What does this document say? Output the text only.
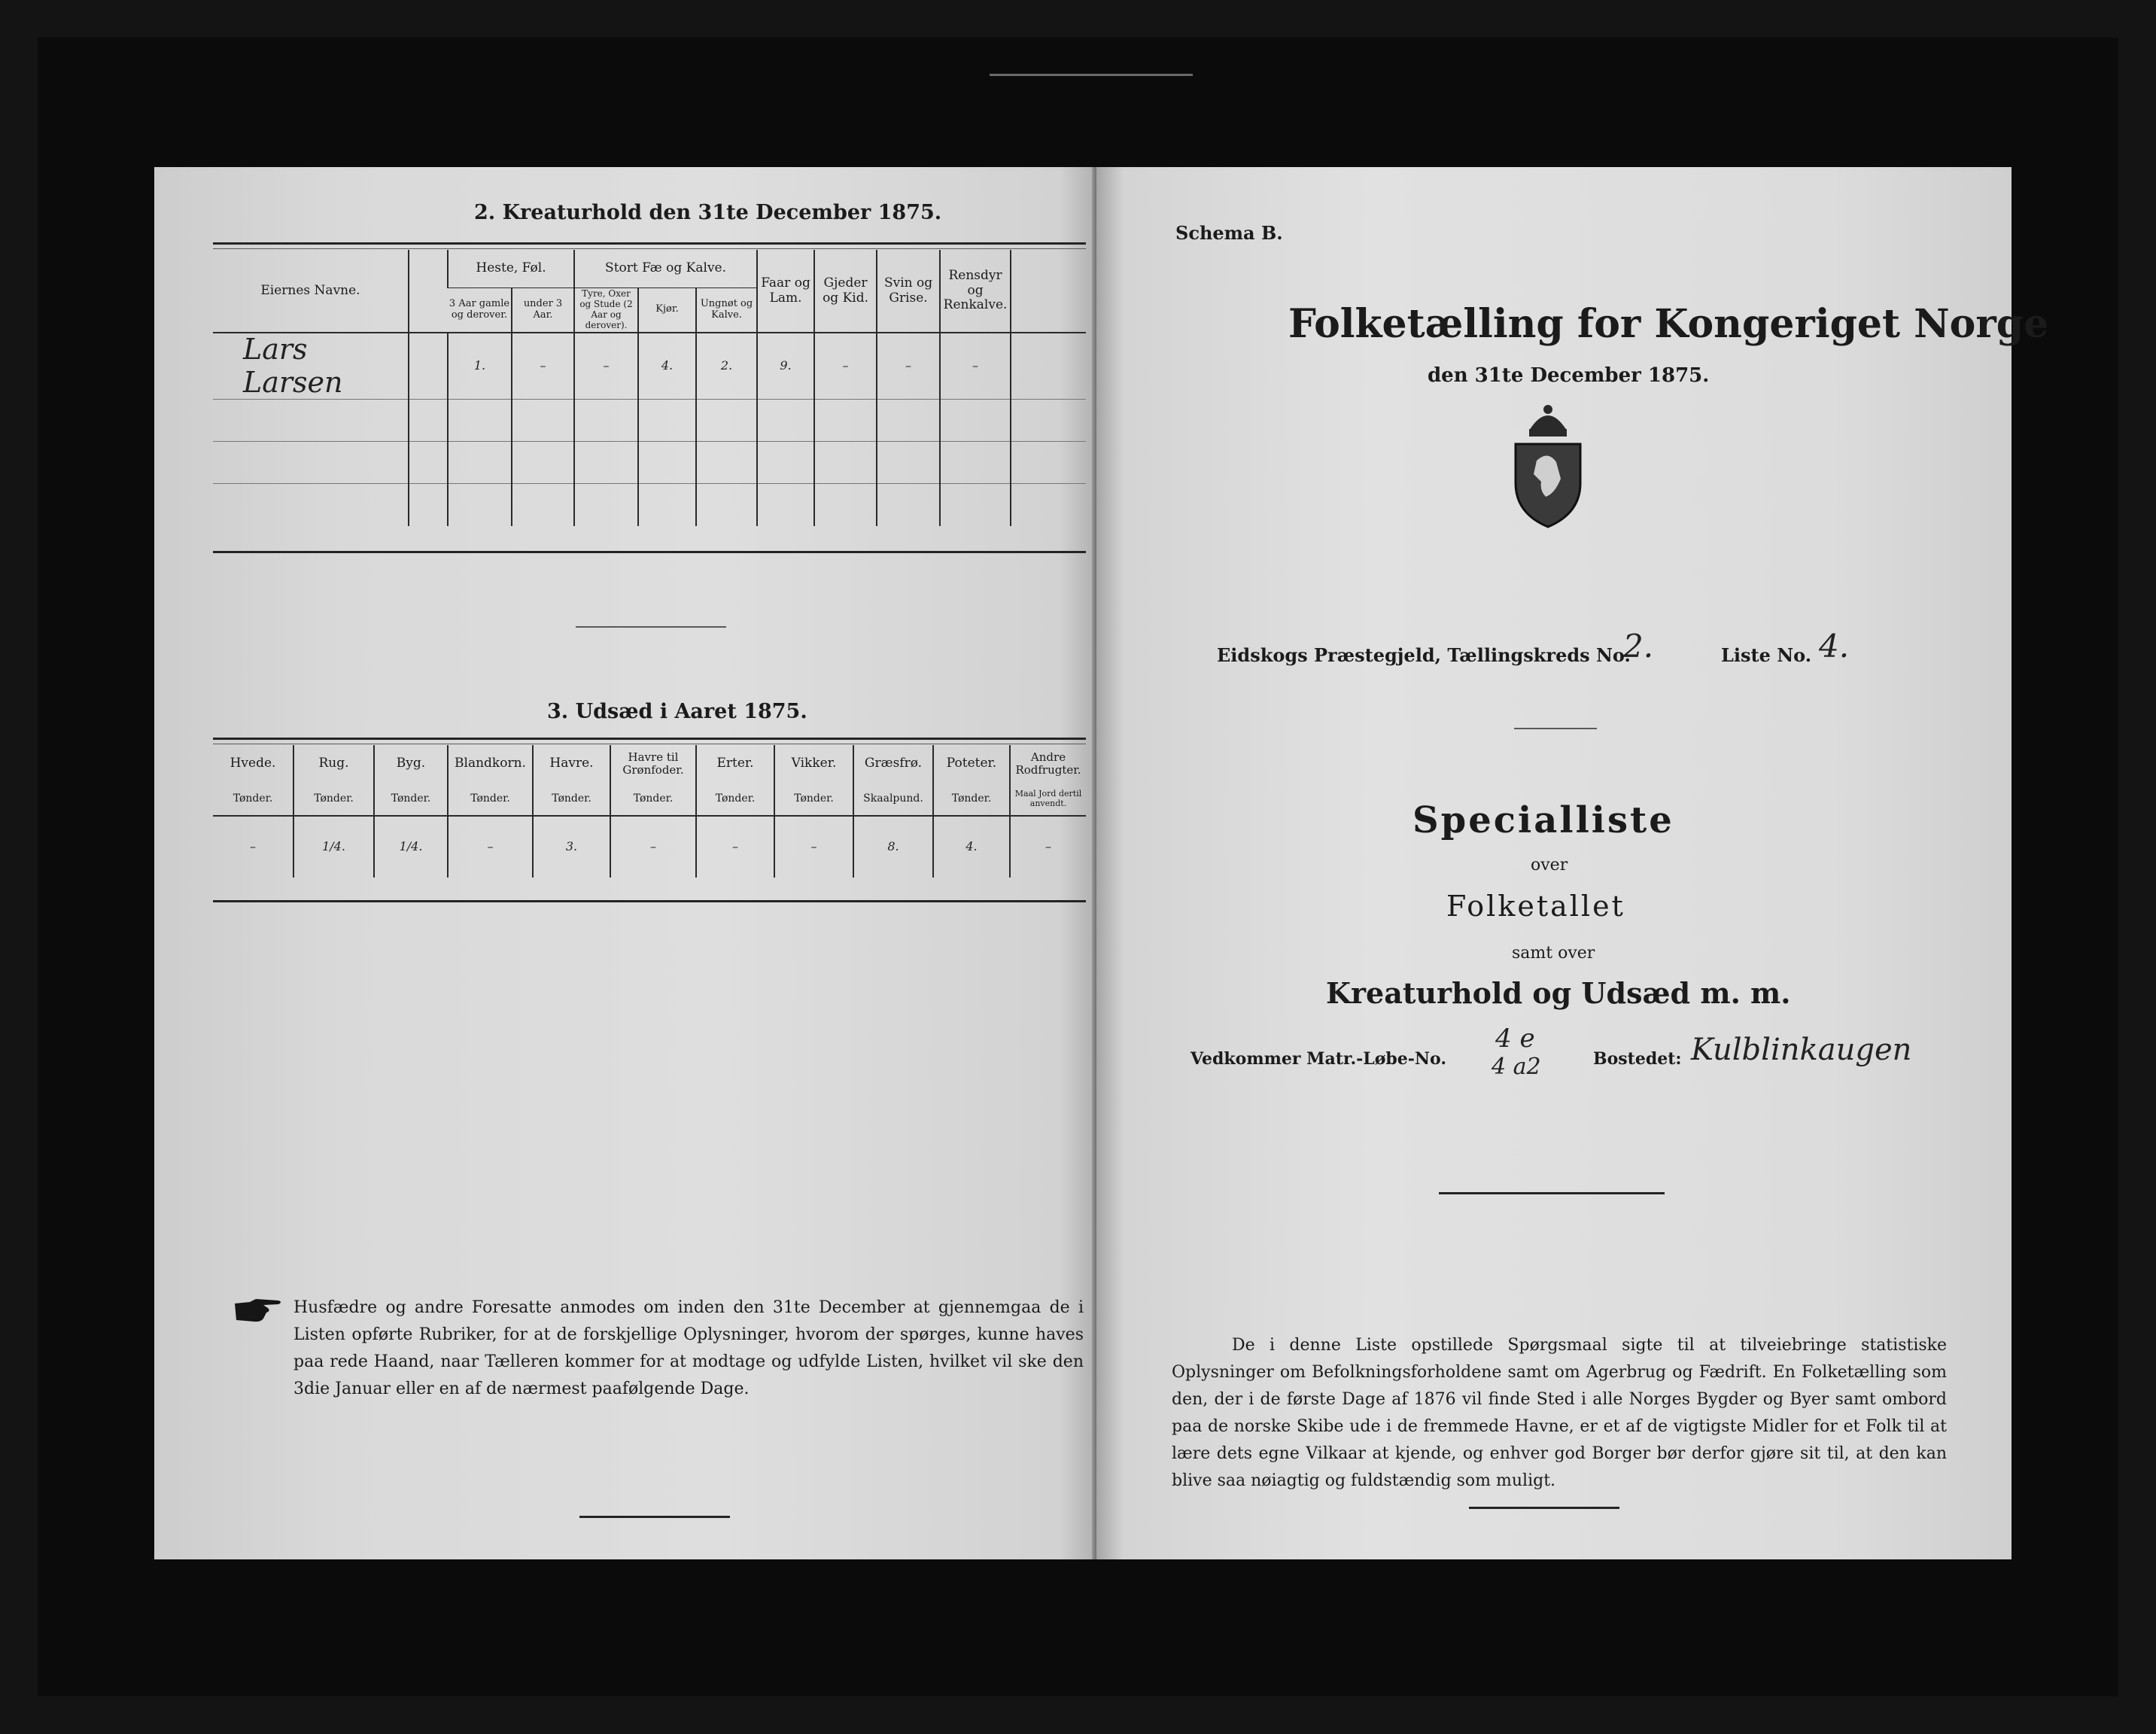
2. Kreaturhold den 31te December 1875.
Eiernes Navne.		Heste, Føl.		Stort Fæ og Kalve.			Faar og Lam.	Gjeder og Kid.	Svin og Grise.	Rensdyr og Renkalve.	
		3 Aar gamle og derover.	under 3 Aar.	Tyre, Oxer og Stude (2 Aar og derover).	Kjør.	Ungnøt og Kalve.					
Lars Larsen		1.	–	–	4.	2.	9.	–	–	–	

3. Udsæd i Aaret 1875.
Hvede.	Rug.	Byg.	Blandkorn.	Havre.	Havre til Grønfoder.	Erter.	Vikker.	Græsfrø.	Poteter.	Andre Rodfrugter.
Tønder.	Tønder.	Tønder.	Tønder.	Tønder.	Tønder.	Tønder.	Tønder.	Skaalpund.	Tønder.	Maal Jord dertil anvendt.
–	1/4.	1/4.	–	3.	–	–	–	8.	4.	–
Husfædre og andre Foresatte anmodes om inden den 31te December at gjennemgaa de i Listen opførte Rubriker, for at de forskjellige Oplysninger, hvorom der spørges, kunne haves paa rede Haand, naar Tælleren kommer for at modtage og udfylde Listen, hvilket vil ske den 3die Januar eller en af de nærmest paafølgende Dage.
Schema B.
Folketælling for Kongeriget Norge
den 31te December 1875.
Eidskogs Præstegjeld, Tællingskreds No.
2.	Liste No. 4.
Specialliste
over
Folketallet
samt over
Kreaturhold og Udsæd m. m.
Vedkommer Matr.-Løbe-No.
4 e
4 a2	Bostedet: Kulblinkaugen
De i denne Liste opstillede Spørgsmaal sigte til at tilveiebringe statistiske Oplysninger om Befolkningsforholdene samt om Agerbrug og Fædrift. En Folketælling som den, der i de første Dage af 1876 vil finde Sted i alle Norges Bygder og Byer samt ombord paa de norske Skibe ude i de fremmede Havne, er et af de vigtigste Midler for et Folk til at lære dets egne Vilkaar at kjende, og enhver god Borger bør derfor gjøre sit til, at den kan blive saa nøiagtig og fuldstændig som muligt.
